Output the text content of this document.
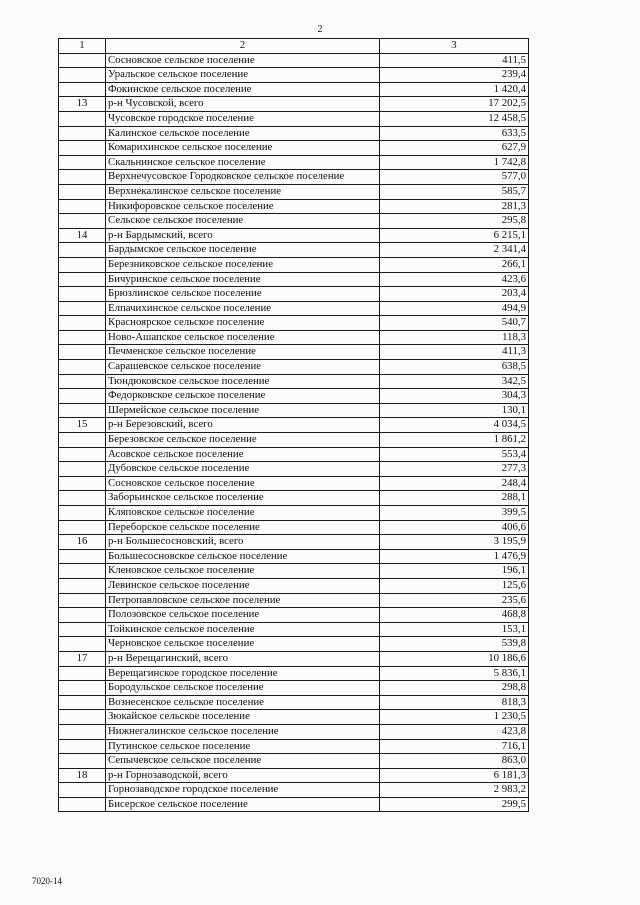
2
1	2	3
	Сосновское сельское поселение	411,5
	Уральское сельское поселение	239,4
	Фокинское сельское поселение	1 420,4
13	р-н Чусовской, всего	17 202,5
	Чусовское городское поселение	12 458,5
	Калинское сельское поселение	633,5
	Комарихинское сельское поселение	627,9
	Скальнинское сельское поселение	1 742,8
	Верхнечусовское Городковское сельское поселение	577,0
	Верхнекалинское сельское поселение	585,7
	Никифоровское сельское поселение	281,3
	Сельское сельское поселение	295,8
14	р-н Бардымский, всего	6 215,1
	Бардымское сельское поселение	2 341,4
	Березниковское сельское поселение	266,1
	Бичуринское сельское поселение	423,6
	Брюзлинское сельское поселение	203,4
	Елпачихинское сельское поселение	494,9
	Красноярское сельское поселение	540,7
	Ново-Ашапское сельское поселение	118,3
	Печменское сельское поселение	411,3
	Сарашевское сельское поселение	638,5
	Тюндюковское сельское поселение	342,5
	Федорковское сельское поселение	304,3
	Шермейское сельское поселение	130,1
15	р-н Березовский, всего	4 034,5
	Березовское сельское поселение	1 861,2
	Асовское сельское поселение	553,4
	Дубовское сельское поселение	277,3
	Сосновское сельское поселение	248,4
	Заборьинское сельское поселение	288,1
	Кляповское сельское поселение	399,5
	Переборское сельское поселение	406,6
16	р-н Большесосновский, всего	3 195,9
	Большесосновское сельское поселение	1 476,9
	Кленовское сельское поселение	196,1
	Левинское сельское поселение	125,6
	Петропавловское сельское поселение	235,6
	Полозовское сельское поселение	468,8
	Тойкинское сельское поселение	153,1
	Черновское сельское поселение	539,8
17	р-н Верещагинский, всего	10 186,6
	Верещагинское городское поселение	5 836,1
	Бородульское сельское поселение	298,8
	Вознесенское сельское поселение	818,3
	Зюкайское сельское поселение	1 230,5
	Нижнегалинское сельское поселение	423,8
	Путинское сельское поселение	716,1
	Сепычевское сельское поселение	863,0
18	р-н Горнозаводской, всего	6 181,3
	Горнозаводское городское поселение	2 983,2
	Бисерское сельское поселение	299,5
7020-14
